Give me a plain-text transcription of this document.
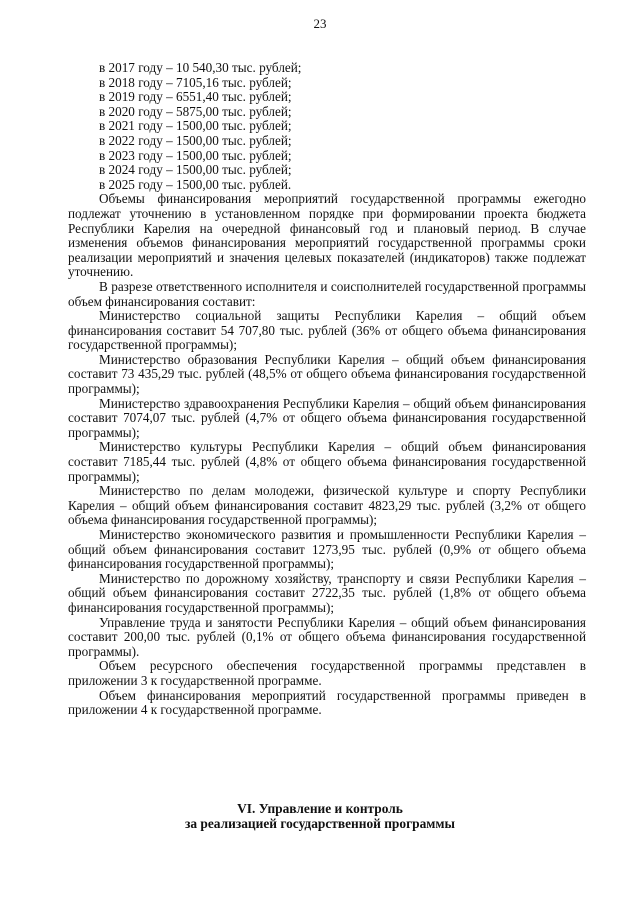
23

в 2017 году – 10 540,30 тыс. рублей;

в 2018 году – 7105,16 тыс. рублей;

в 2019 году – 6551,40 тыс. рублей;

в 2020 году – 5875,00 тыс. рублей;

в 2021 году – 1500,00 тыс. рублей;

в 2022 году – 1500,00 тыс. рублей;

в 2023 году – 1500,00 тыс. рублей;

в 2024 году – 1500,00 тыс. рублей;

в 2025 году – 1500,00 тыс. рублей.

Объемы финансирования мероприятий государственной программы ежегодно подлежат уточнению в установленном порядке при формировании проекта бюджета Республики Карелия на очередной финансовый год и плановый период. В случае изменения объемов финансирования мероприятий государственной программы сроки реализации мероприятий и значения целевых показателей (индикаторов) также подлежат уточнению.

В разрезе ответственного исполнителя и соисполнителей государственной программы объем финансирования составит:

Министерство социальной защиты Республики Карелия – общий объем финансирования составит 54 707,80 тыс. рублей (36% от общего объема финансирования государственной программы);

Министерство образования Республики Карелия – общий объем финансирования составит 73 435,29 тыс. рублей (48,5% от общего объема финансирования государственной программы);

Министерство здравоохранения Республики Карелия – общий объем финансирования составит 7074,07 тыс. рублей (4,7% от общего объема финансирования государственной программы);

Министерство культуры Республики Карелия – общий объем финансирования составит 7185,44 тыс. рублей (4,8% от общего объема финансирования государственной программы);

Министерство по делам молодежи, физической культуре и спорту Республики Карелия – общий объем финансирования составит 4823,29 тыс. рублей (3,2% от общего объема финансирования государственной программы);

Министерство экономического развития и промышленности Республики Карелия – общий объем финансирования составит 1273,95 тыс. рублей (0,9% от общего объема финансирования государственной программы);

Министерство по дорожному хозяйству, транспорту и связи Республики Карелия – общий объем финансирования составит 2722,35 тыс. рублей (1,8% от общего объема финансирования государственной программы);

Управление труда и занятости Республики Карелия – общий объем финансирования составит 200,00 тыс. рублей (0,1% от общего объема финансирования государственной программы).

Объем ресурсного обеспечения государственной программы представлен в приложении 3 к государственной программе.

Объем финансирования мероприятий государственной программы приведен в приложении 4 к государственной программе.

VI. Управление и контроль
за реализацией государственной программы
